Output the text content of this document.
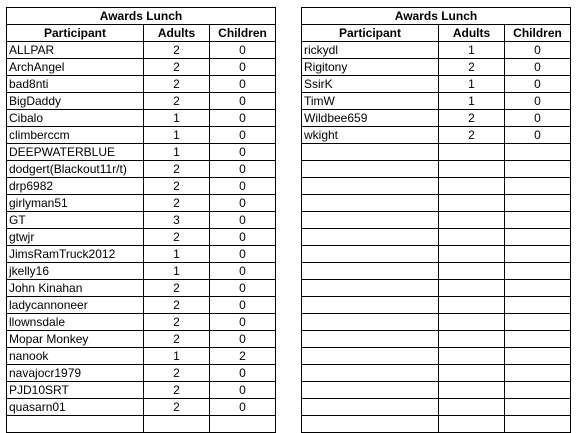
Awards Lunch		
Participant	Adults	Children
ALLPAR	2	0
ArchAngel	2	0
bad8nti	2	0
BigDaddy	2	0
Cibalo	1	0
climberccm	1	0
DEEPWATERBLUE	1	0
dodgert(Blackout11r/t)	2	0
drp6982	2	0
girlyman51	2	0
GT	3	0
gtwjr	2	0
JimsRamTruck2012	1	0
jkelly16	1	0
John Kinahan	2	0
ladycannoneer	2	0
llownsdale	2	0
Mopar Monkey	2	0
nanook	1	2
navajocr1979	2	0
PJD10SRT	2	0
quasarn01	2	0

Awards Lunch		
Participant	Adults	Children
rickydl	1	0
Rigitony	2	0
SsirK	1	0
TimW	1	0
Wildbee659	2	0
wkight	2	0
